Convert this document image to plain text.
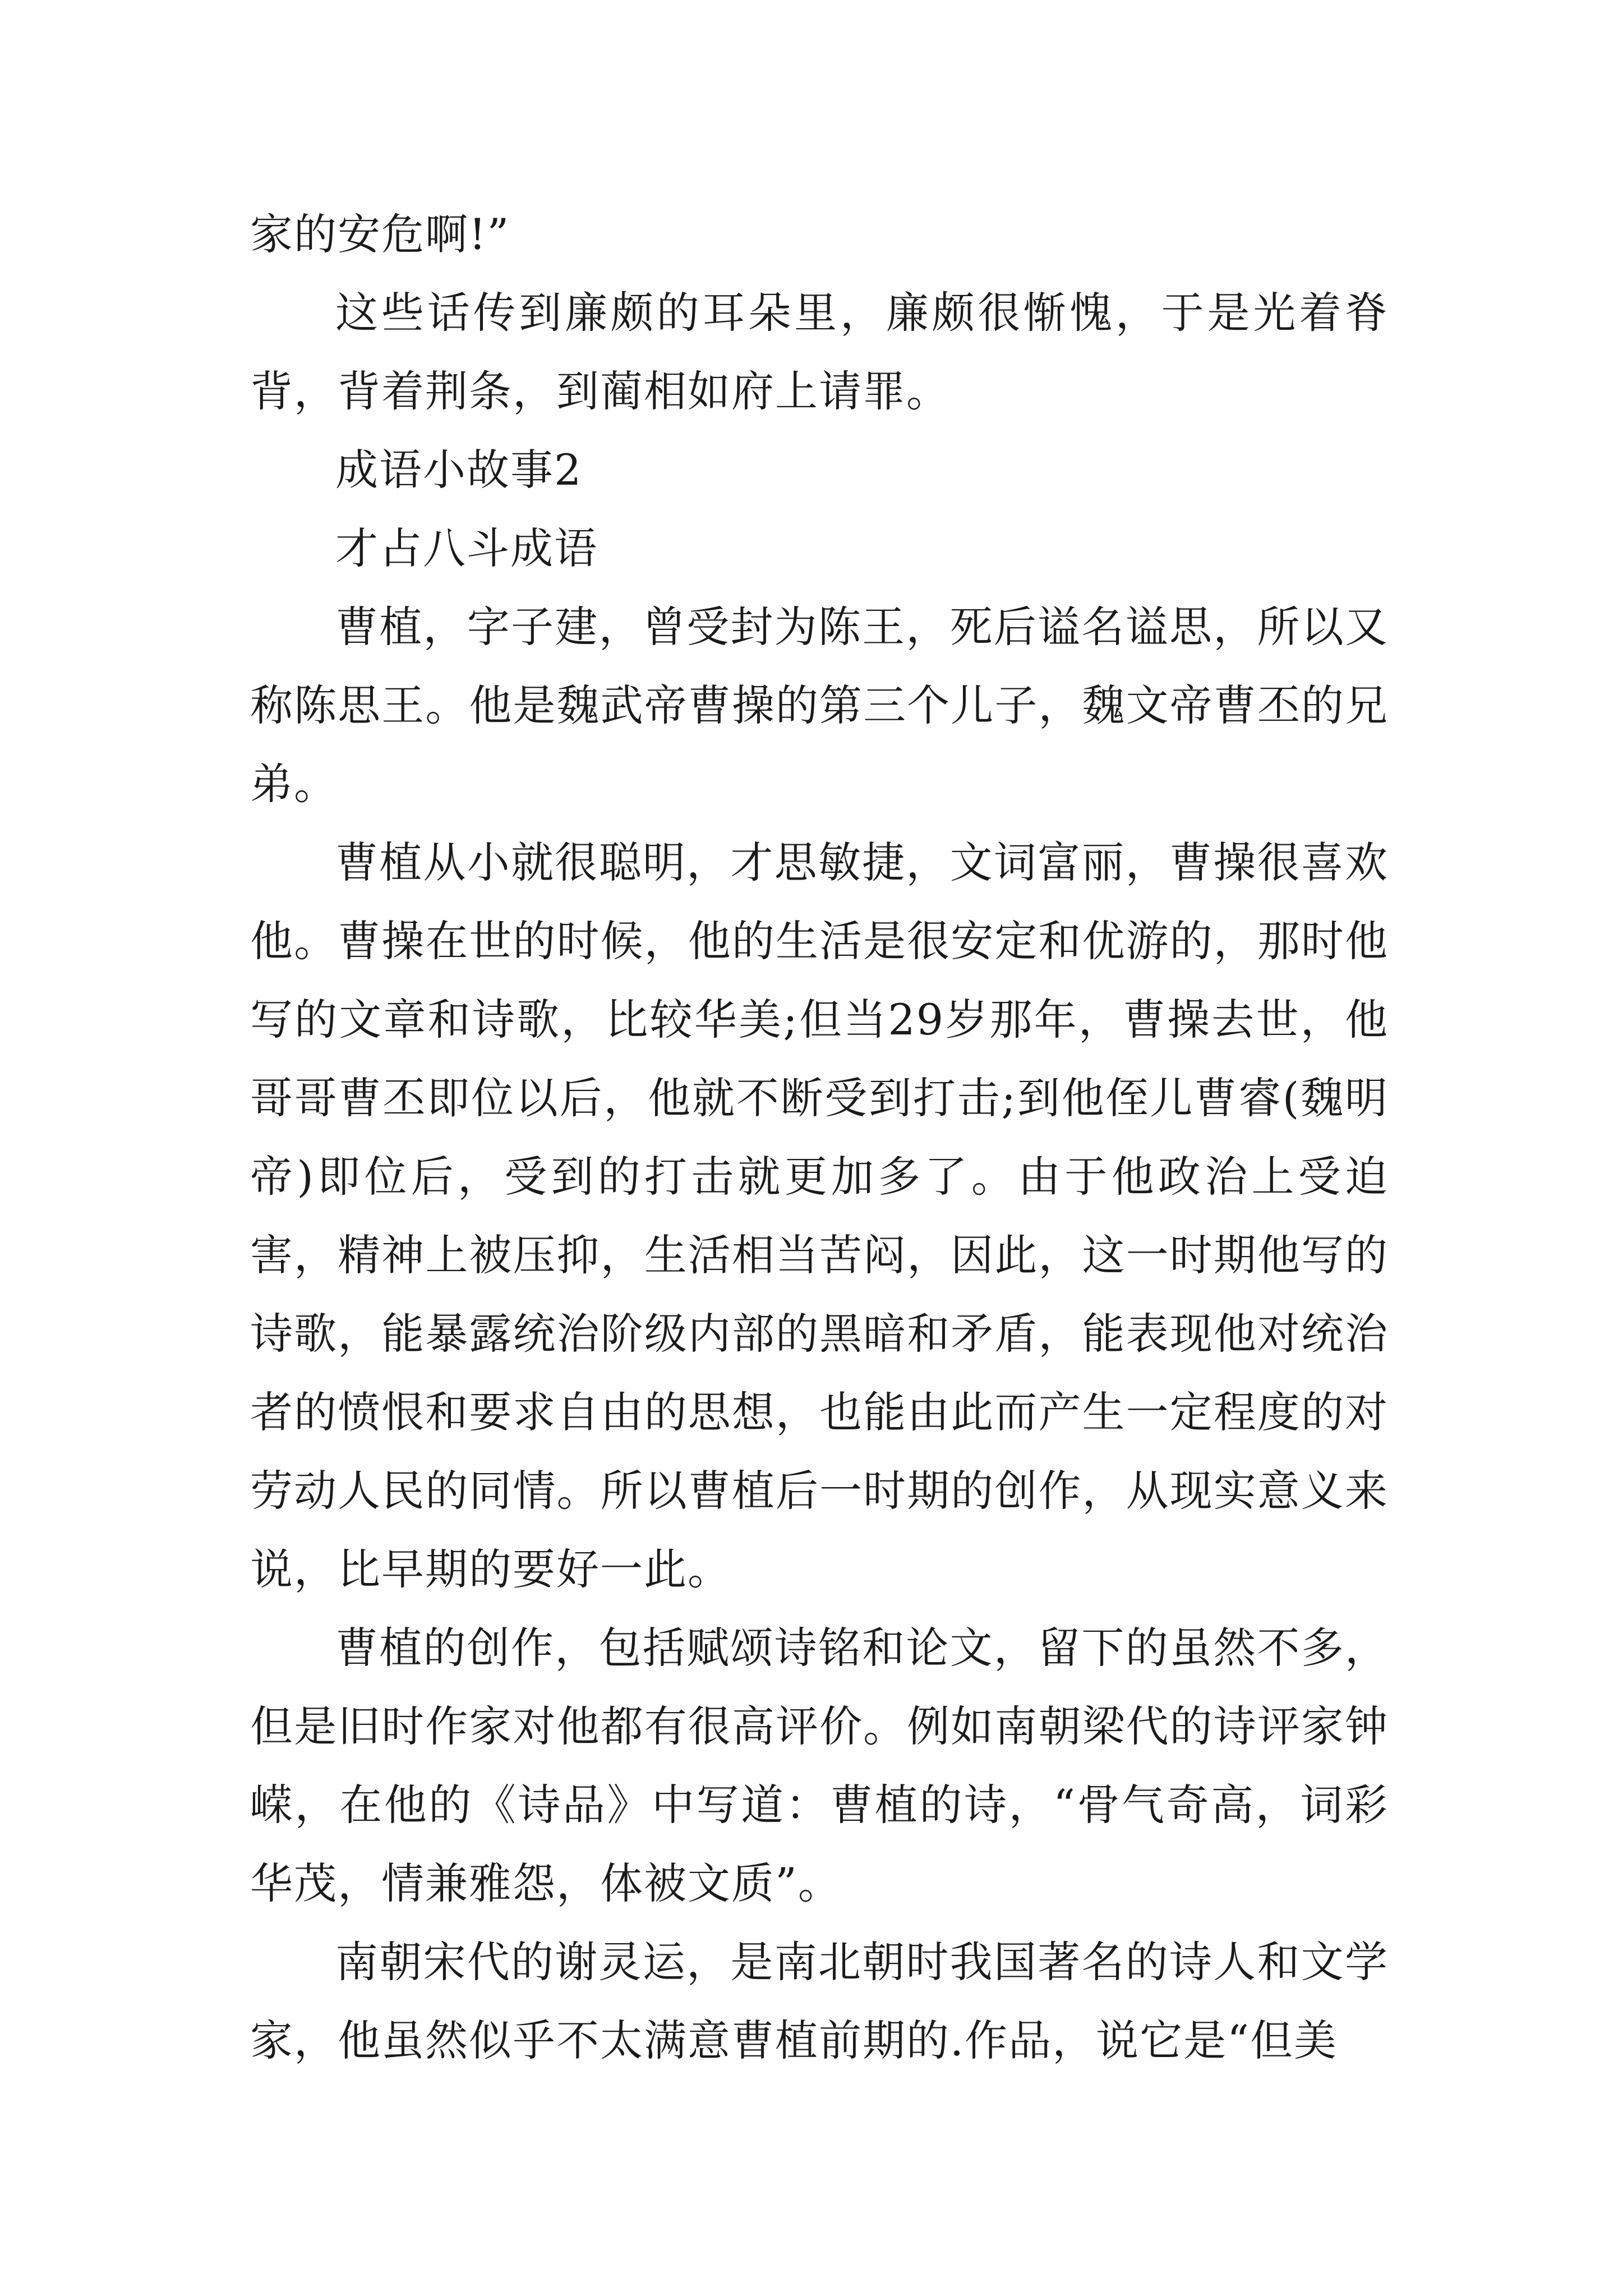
家的安危啊!”

这些话传到廉颇的耳朵里，廉颇很惭愧，于是光着脊背，背着荆条，到蔺相如府上请罪。

成语小故事2

才占八斗成语

曹植，字子建，曾受封为陈王，死后谥名谥思，所以又称陈思王。他是魏武帝曹操的第三个儿子，魏文帝曹丕的兄弟。

曹植从小就很聪明，才思敏捷，文词富丽，曹操很喜欢他。曹操在世的时候，他的生活是很安定和优游的，那时他写的文章和诗歌，比较华美;但当29岁那年，曹操去世，他哥哥曹丕即位以后，他就不断受到打击;到他侄儿曹睿(魏明帝)即位后，受到的打击就更加多了。由于他政治上受迫害，精神上被压抑，生活相当苦闷，因此，这一时期他写的诗歌，能暴露统治阶级内部的黑暗和矛盾，能表现他对统治者的愤恨和要求自由的思想，也能由此而产生一定程度的对劳动人民的同情。所以曹植后一时期的创作，从现实意义来说，比早期的要好一此。

曹植的创作，包括赋颂诗铭和论文，留下的虽然不多，但是旧时作家对他都有很高评价。例如南朝梁代的诗评家钟嵘，在他的《诗品》中写道：曹植的诗，“骨气奇高，词彩华茂，情兼雅怨，体被文质”。

南朝宋代的谢灵运，是南北朝时我国著名的诗人和文学家，他虽然似乎不太满意曹植前期的.作品，说它是“但美
